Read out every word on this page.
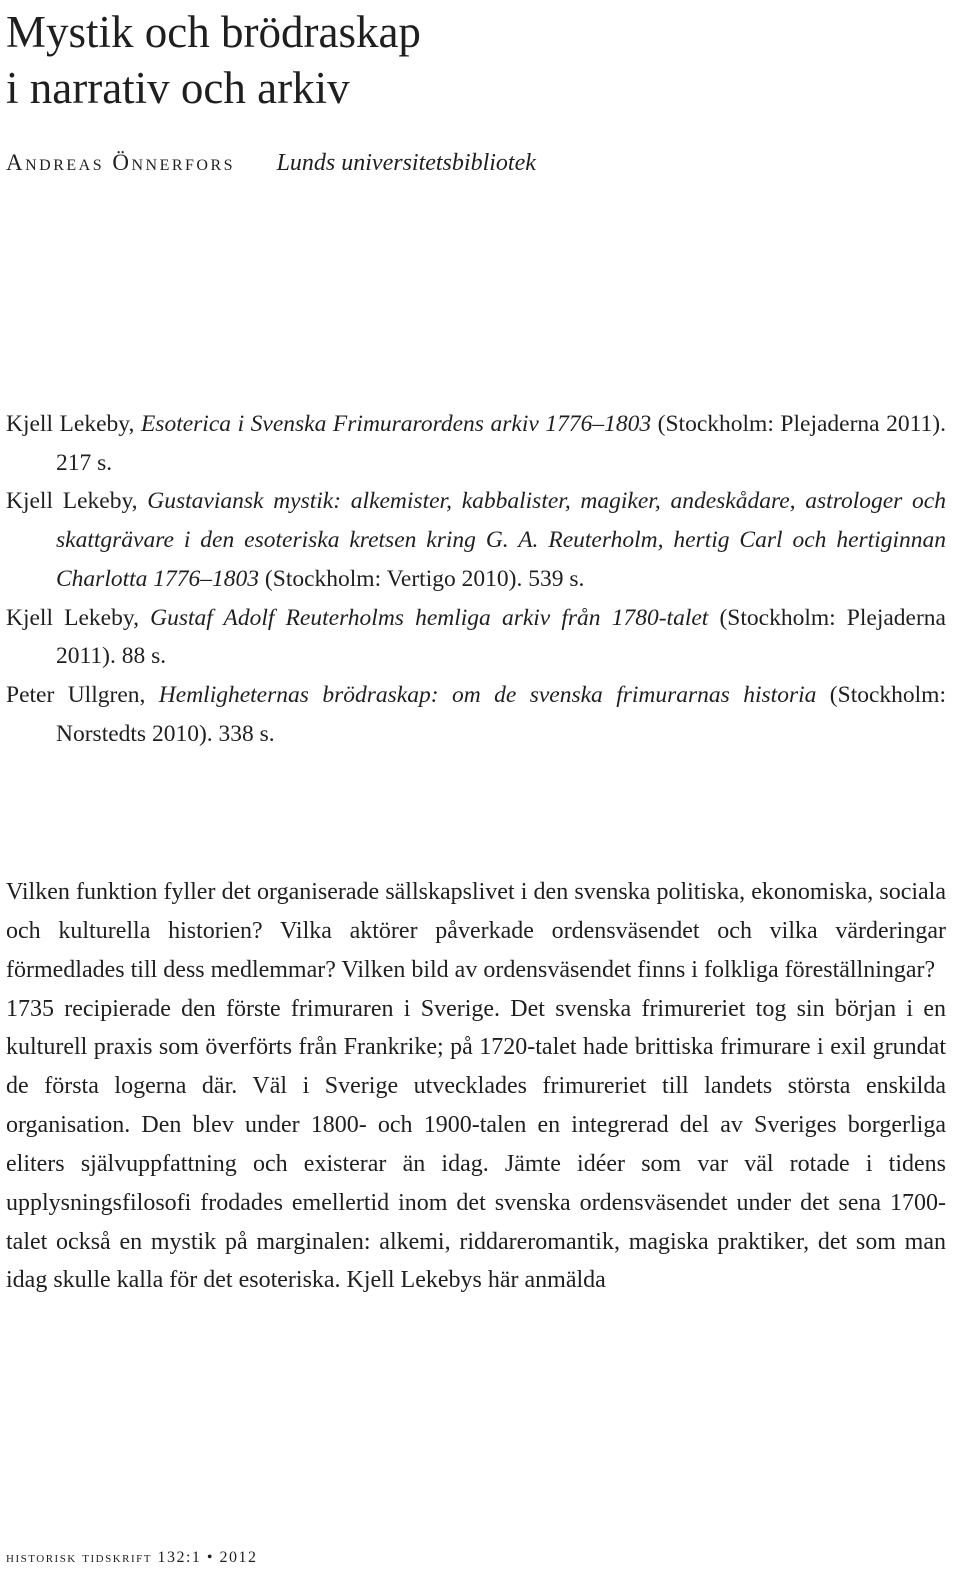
Mystik och brödraskap
i narrativ och arkiv
Andreas Önnerfors Lunds universitetsbibliotek
Kjell Lekeby, Esoterica i Svenska Frimurarordens arkiv 1776–1803 (Stockholm: Plejaderna 2011). 217 s.
Kjell Lekeby, Gustaviansk mystik: alkemister, kabbalister, magiker, andeskådare, astrologer och skattgrävare i den esoteriska kretsen kring G. A. Reuterholm, hertig Carl och hertiginnan Charlotta 1776–1803 (Stockholm: Vertigo 2010). 539 s.
Kjell Lekeby, Gustaf Adolf Reuterholms hemliga arkiv från 1780-talet (Stockholm: Plejaderna 2011). 88 s.
Peter Ullgren, Hemligheternas brödraskap: om de svenska frimurarnas historia (Stockholm: Norstedts 2010). 338 s.

Vilken funktion fyller det organiserade sällskapslivet i den svenska politiska, ekonomiska, sociala och kulturella historien? Vilka aktörer påverkade ordensväsendet och vilka värderingar förmedlades till dess medlemmar? Vilken bild av ordensväsendet finns i folkliga föreställningar?

1735 recipierade den förste frimuraren i Sverige. Det svenska frimureriet tog sin början i en kulturell praxis som överförts från Frankrike; på 1720-talet hade brittiska frimurare i exil grundat de första logerna där. Väl i Sverige utvecklades frimureriet till landets största enskilda organisation. Den blev under 1800- och 1900-talen en integrerad del av Sveriges borgerliga eliters självuppfattning och existerar än idag. Jämte idéer som var väl rotade i tidens upplysningsfilosofi frodades emellertid inom det svenska ordensväsendet under det sena 1700-talet också en mystik på marginalen: alkemi, riddareromantik, magiska praktiker, det som man idag skulle kalla för det esoteriska. Kjell Lekebys här anmälda

historisk tidskrift 132:1 • 2012
